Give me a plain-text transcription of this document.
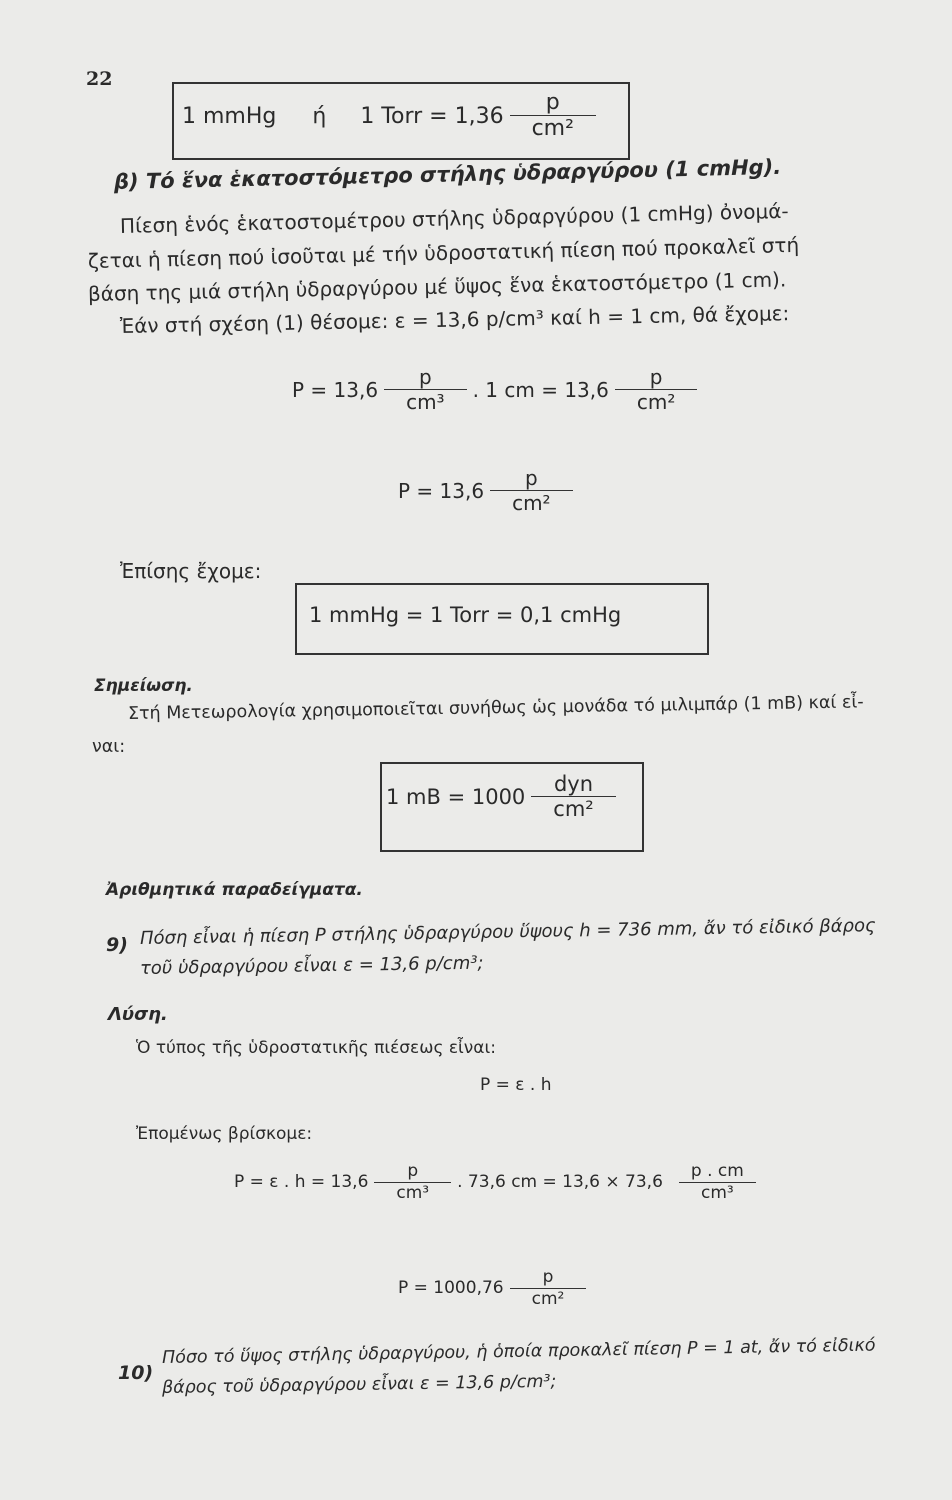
22
1 mmHg ή 1 Torr = $1,36 \frac{p}{\text{cm²}}$
β) Τό ἕνα ἑκατοστόμετρο στήλης ὑδραργύρου (1 cmHg).
Πίεση ἑνός ἑκατοστομέτρου στήλης ὑδραργύρου (1 cmHg) ὀνομά-
ζεται ἡ πίεση πού ἰσοῦται μέ τήν ὑδροστατική πίεση πού προκαλεῖ στή
βάση της μιά στήλη ὑδραργύρου μέ ὕψος ἕνα ἑκατοστόμετρο (1 cm).
Ἐάν στή σχέση (1) θέσομε: ε = 13,6 p/cm³ καί h = 1 cm, θά ἔχομε:
$P = 13,6 \frac{p}{\text{cm³}}$ . 1 cm = $13,6 \frac{p}{\text{cm²}}$
$P = 13,6 \frac{p}{\text{cm²}}$
Ἐπίσης ἔχομε:
1 mmHg = 1 Torr = 0,1 cmHg
Σημείωση.
Στή Μετεωρολογία χρησιμοποιεῖται συνήθως ὡς μονάδα τό μιλιμπάρ (1 mB) καί εἶ-
ναι:
1 mB = $1000 \frac{\text{dyn}}{\text{cm²}}$
Ἀριθμητικά παραδείγματα.
9) Πόση εἶναι ἡ πίεση P στήλης ὑδραργύρου ὕψους h = 736 mm, ἄν τό εἰδικό βάρος
τοῦ ὑδραργύρου εἶναι ε = 13,6 p/cm³;
Λύση.
Ὁ τύπος τῆς ὑδροστατικῆς πιέσεως εἶναι:
P = ε . h
Ἐπομένως βρίσκομε:
P = ε . $h = 13,6 \frac{p}{\text{cm³}}$ . 73,6 cm = $13,6 \times 73,6 \frac{p . cm}{\text{cm³}}$
$P = 1000,76 \frac{p}{\text{cm²}}$
10)
Πόσο τό ὕψος στήλης ὑδραργύρου, ἡ ὁποία προκαλεῖ πίεση P = 1 at, ἄν τό εἰδικό
βάρος τοῦ ὑδραργύρου εἶναι ε = 13,6 p/cm³;
